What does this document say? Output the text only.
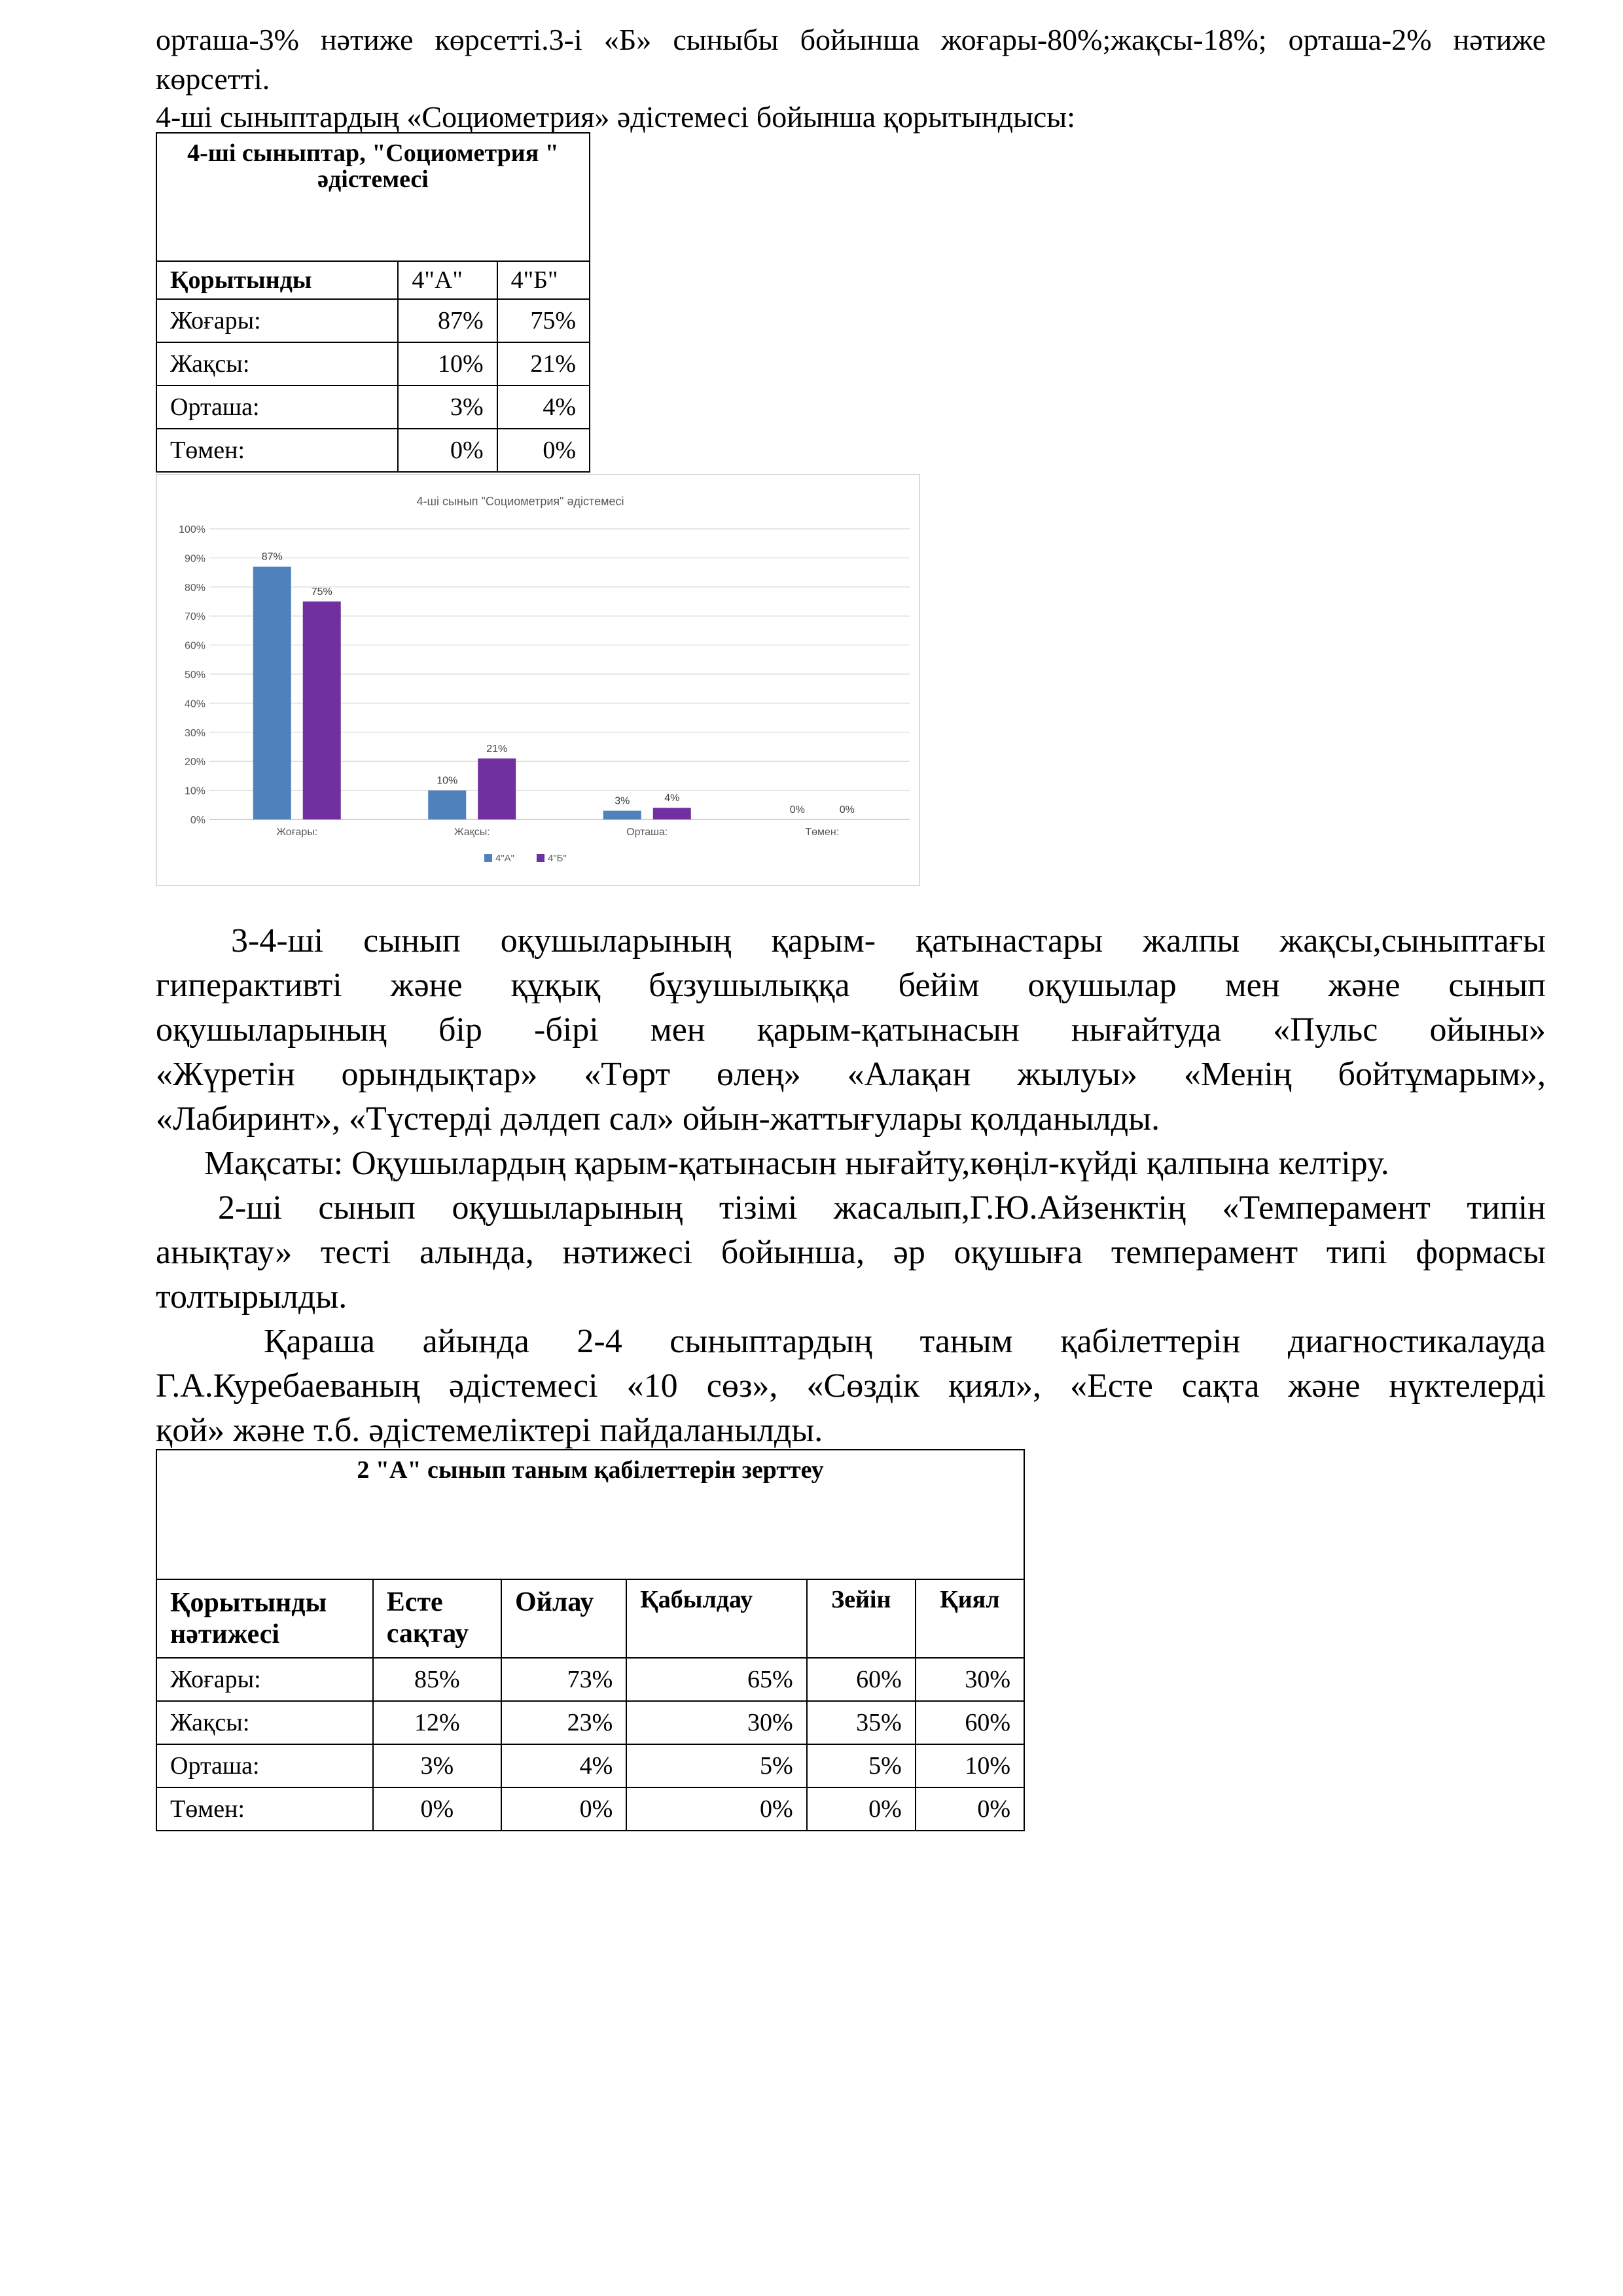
орташа-3% нәтиже көрсетті.3-і «Б» сыныбы бойынша жоғары-80%;жақсы-18%; орташа-2% нәтиже
көрсетті.
4-ші сыныптардың «Социометрия» әдістемесі бойынша қорытындысы:
4-ші сыныптар, "Социометрия " әдістемесі		
Қорытынды	4"А"	4"Б"
Жоғары:	87%	75%
Жақсы:	10%	21%
Орташа:	3%	4%
Төмен:	0%	0%
4-ші сынып "Социометрия" әдістемесі
0%
10%
20%
30%
40%
50%
60%
70%
80%
90%
100%
87%
75%
Жоғары:
10%
21%
Жақсы:
3%	4%
Орташа:
0%	0%
Төмен:
4"А"	4"Б"
3-4-ші сынып оқушыларының қарым- қатынастары жалпы жақсы,сыныптағы
гиперактивті және құқық бұзушылыққа бейім оқушылар мен және сынып
оқушыларының бір -бірі мен қарым-қатынасын нығайтуда «Пульс ойыны»
«Жүретін орындықтар» «Төрт өлең» «Алақан жылуы» «Менің бойтұмарым»,
«Лабиринт», «Түстерді дәлдеп сал» ойын-жаттығулары қолданылды.
Мақсаты: Оқушылардың қарым-қатынасын нығайту,көңіл-күйді қалпына келтіру.
2-ші сынып оқушыларының тізімі жасалып,Г.Ю.Айзенктің «Темперамент типін
анықтау» тесті алында, нәтижесі бойынша, әр оқушыға темперамент типі формасы
толтырылды.
Қараша айында 2-4 сыныптардың таным қабілеттерін диагностикалауда
Г.А.Куребаеваның әдістемесі «10 сөз», «Сөздік қиял», «Есте сақта және нүктелерді
қой» және т.б. әдістемеліктері пайдаланылды.
2 "А" сынып таным қабілеттерін зерттеу					
Қорытынды нәтижесі	Есте сақтау	Ойлау	Қабылдау	Зейін	Қиял
Жоғары:	85%	73%	65%	60%	30%
Жақсы:	12%	23%	30%	35%	60%
Орташа:	3%	4%	5%	5%	10%
Төмен:	0%	0%	0%	0%	0%
